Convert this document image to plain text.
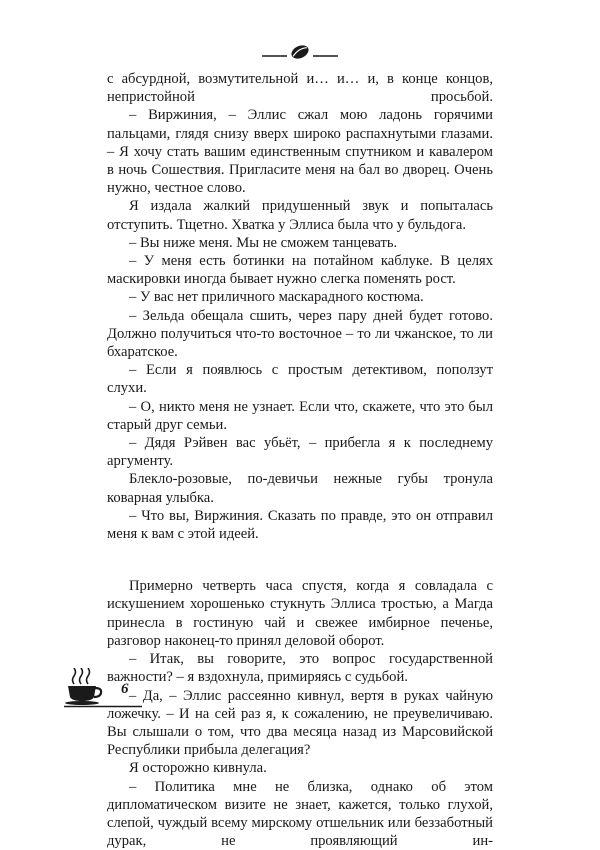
с абсурдной, возмутительной и… и… и, в конце концов, непристойной просьбой.

– Виржиния, – Эллис сжал мою ладонь горячими пальцами, глядя снизу вверх широко распахнутыми глазами. – Я хочу стать вашим единственным спутником и кавалером в ночь Сошествия. Пригласите меня на бал во дворец. Очень нужно, честное слово.

Я издала жалкий придушенный звук и попыталась отступить. Тщетно. Хватка у Эллиса была что у бульдога.

– Вы ниже меня. Мы не сможем танцевать.

– У меня есть ботинки на потайном каблуке. В целях маскировки иногда бывает нужно слегка поменять рост.

– У вас нет приличного маскарадного костюма.

– Зельда обещала сшить, через пару дней будет готово. Должно получиться что-то восточное – то ли чжанское, то ли бхаратское.

– Если я появлюсь с простым детективом, поползут слухи.

– О, никто меня не узнает. Если что, скажете, что это был старый друг семьи.

– Дядя Рэйвен вас убьёт, – прибегла я к последнему аргументу.

Блекло-розовые, по-девичьи нежные губы тронула коварная улыбка.

– Что вы, Виржиния. Сказать по правде, это он отправил меня к вам с этой идеей.

Примерно четверть часа спустя, когда я совладала с искушением хорошенько стукнуть Эллиса тростью, а Магда принесла в гостиную чай и свежее имбирное печенье, разговор наконец-то принял деловой оборот.

– Итак, вы говорите, это вопрос государственной важности? – я вздохнула, примиряясь с судьбой.

– Да, – Эллис рассеянно кивнул, вертя в руках чайную ложечку. – И на сей раз я, к сожалению, не преувеличиваю. Вы слышали о том, что два месяца назад из Марсовийской Республики прибыла делегация?

Я осторожно кивнула.

– Политика мне не близка, однако об этом дипломатическом визите не знает, кажется, только глухой, слепой, чуждый всему мирскому отшельник или беззаботный дурак, не проявляющий ин-

6
